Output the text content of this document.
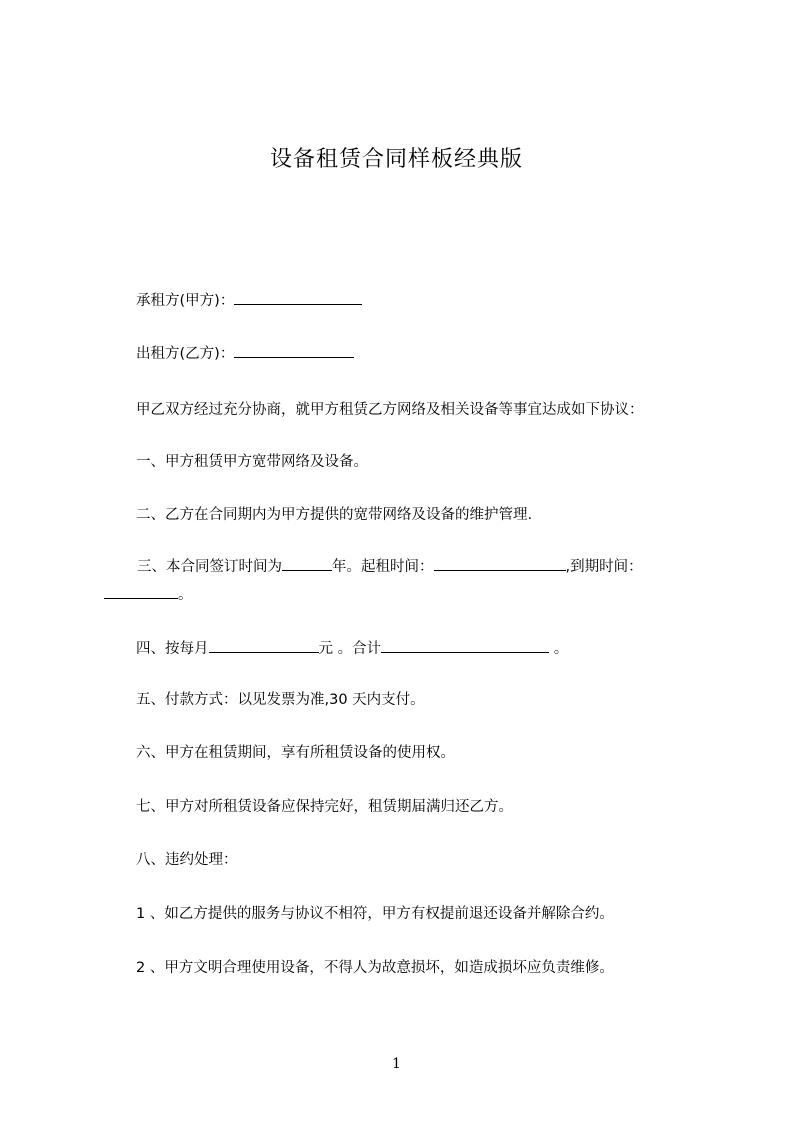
设备租赁合同样板经典版

承租方(甲方)：

出租方(乙方)：

甲乙双方经过充分协商，就甲方租赁乙方网络及相关设备等事宜达成如下协议：

一、甲方租赁甲方宽带网络及设备。

二、乙方在合同期内为甲方提供的宽带网络及设备的维护管理.

三、本合同签订时间为	年。起租时间：	,到期时间：。

四、按每月	元 。合计	。

五、付款方式：以见发票为准,30 天内支付。

六、甲方在租赁期间，享有所租赁设备的使用权。

七、甲方对所租赁设备应保持完好，租赁期届满归还乙方。

八、违约处理：

1 、如乙方提供的服务与协议不相符，甲方有权提前退还设备并解除合约。

2 、甲方文明合理使用设备，不得人为故意损坏，如造成损坏应负责维修。

1
